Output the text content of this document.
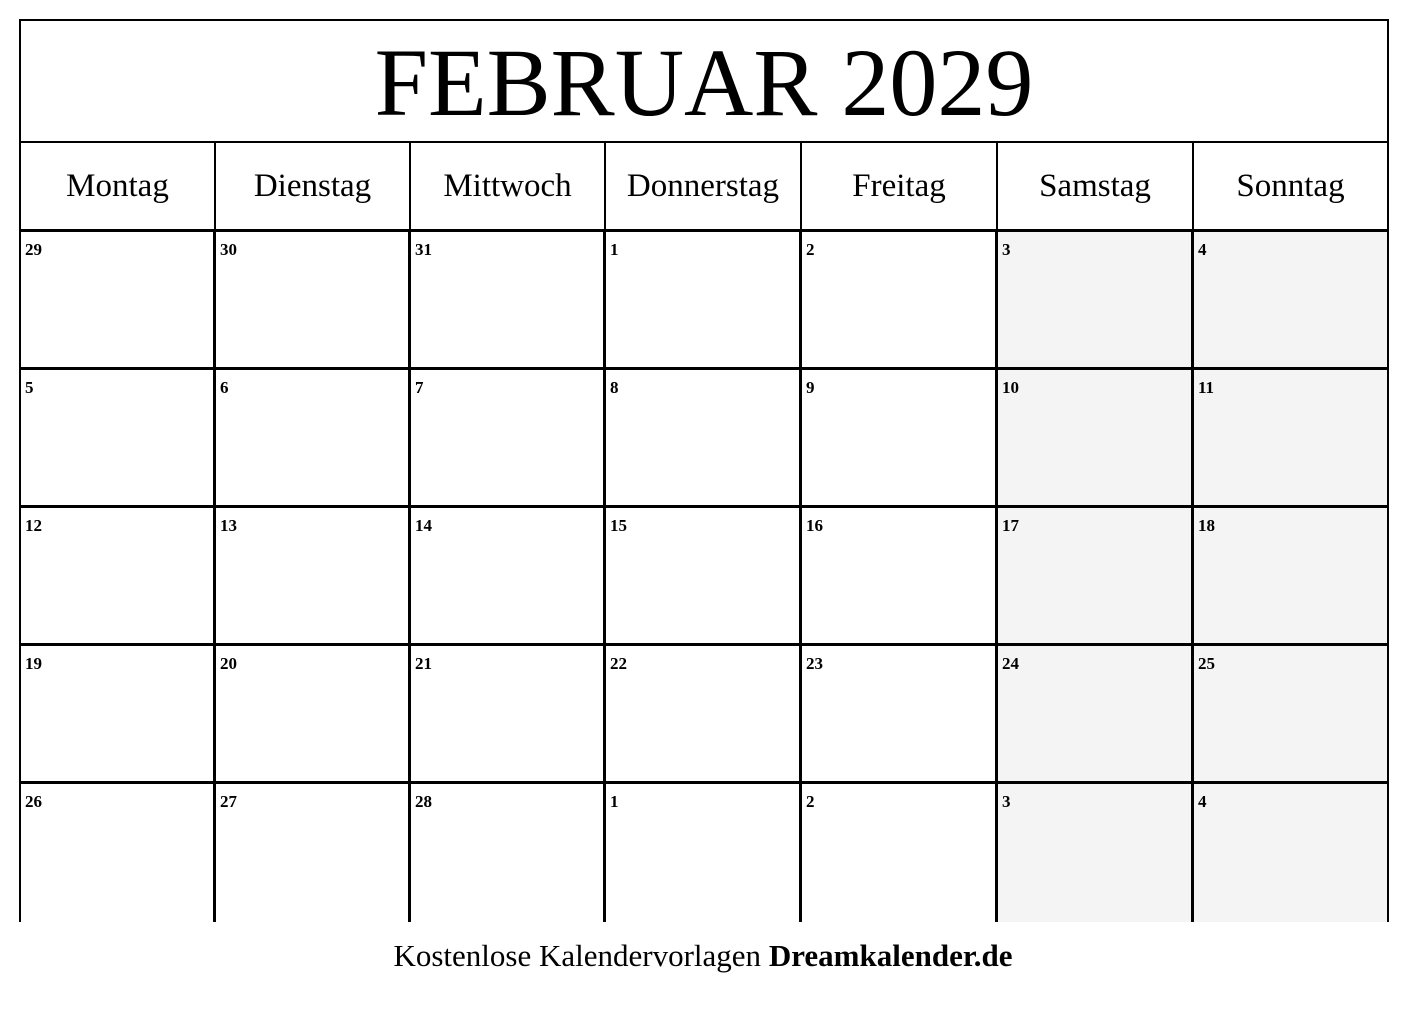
FEBRUAR 2029
Montag	Dienstag	Mittwoch	Donnerstag	Freitag	Samstag	Sonntag
29	30	31	1	2	3	4
5	6	7	8	9	10	11
12	13	14	15	16	17	18
19	20	21	22	23	24	25
26	27	28	1	2	3	4
Kostenlose Kalendervorlagen Dreamkalender.de
